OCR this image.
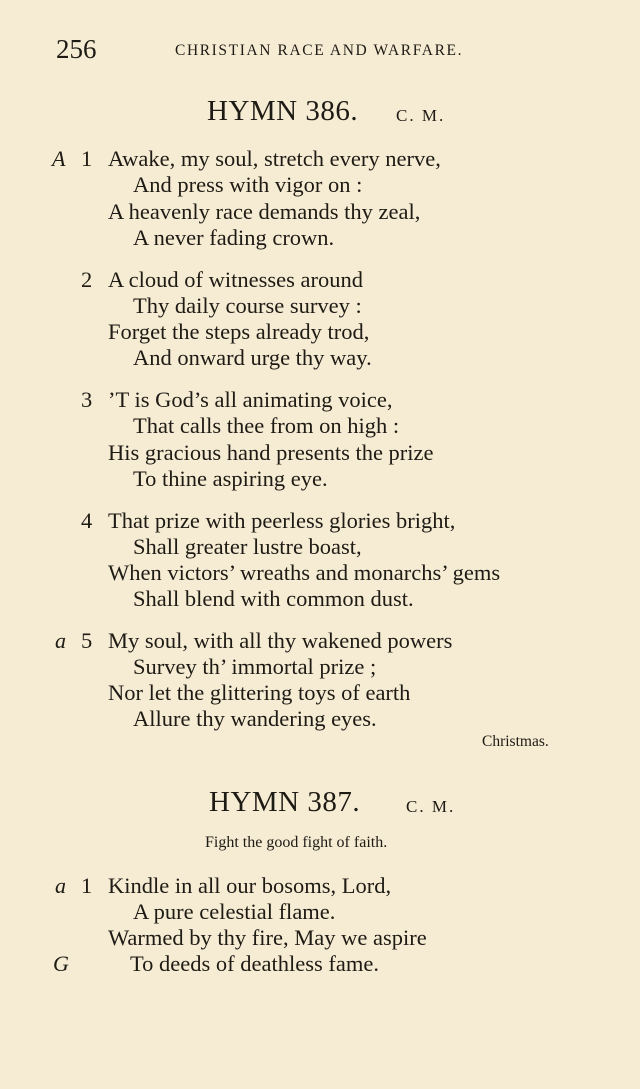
256	CHRISTIAN RACE AND WARFARE.
HYMN 386. C. M.
A 1 Awake, my soul, stretch every nerve,
And press with vigor on :
A heavenly race demands thy zeal,
A never fading crown.
2 A cloud of witnesses around
Thy daily course survey :
Forget the steps already trod,
And onward urge thy way.
3 ’T is God’s all animating voice,
That calls thee from on high :
His gracious hand presents the prize
To thine aspiring eye.
4 That prize with peerless glories bright,
Shall greater lustre boast,
When victors’ wreaths and monarchs’ gems
Shall blend with common dust.
a 5 My soul, with all thy wakened powers
Survey th’ immortal prize ;
Nor let the glittering toys of earth
Allure thy wandering eyes.
Christmas.
HYMN 387.	C. M.
Fight the good fight of faith.
a 1 Kindle in all our bosoms, Lord,
A pure celestial flame.
Warmed by thy fire, May we aspire
G	To deeds of deathless fame.
